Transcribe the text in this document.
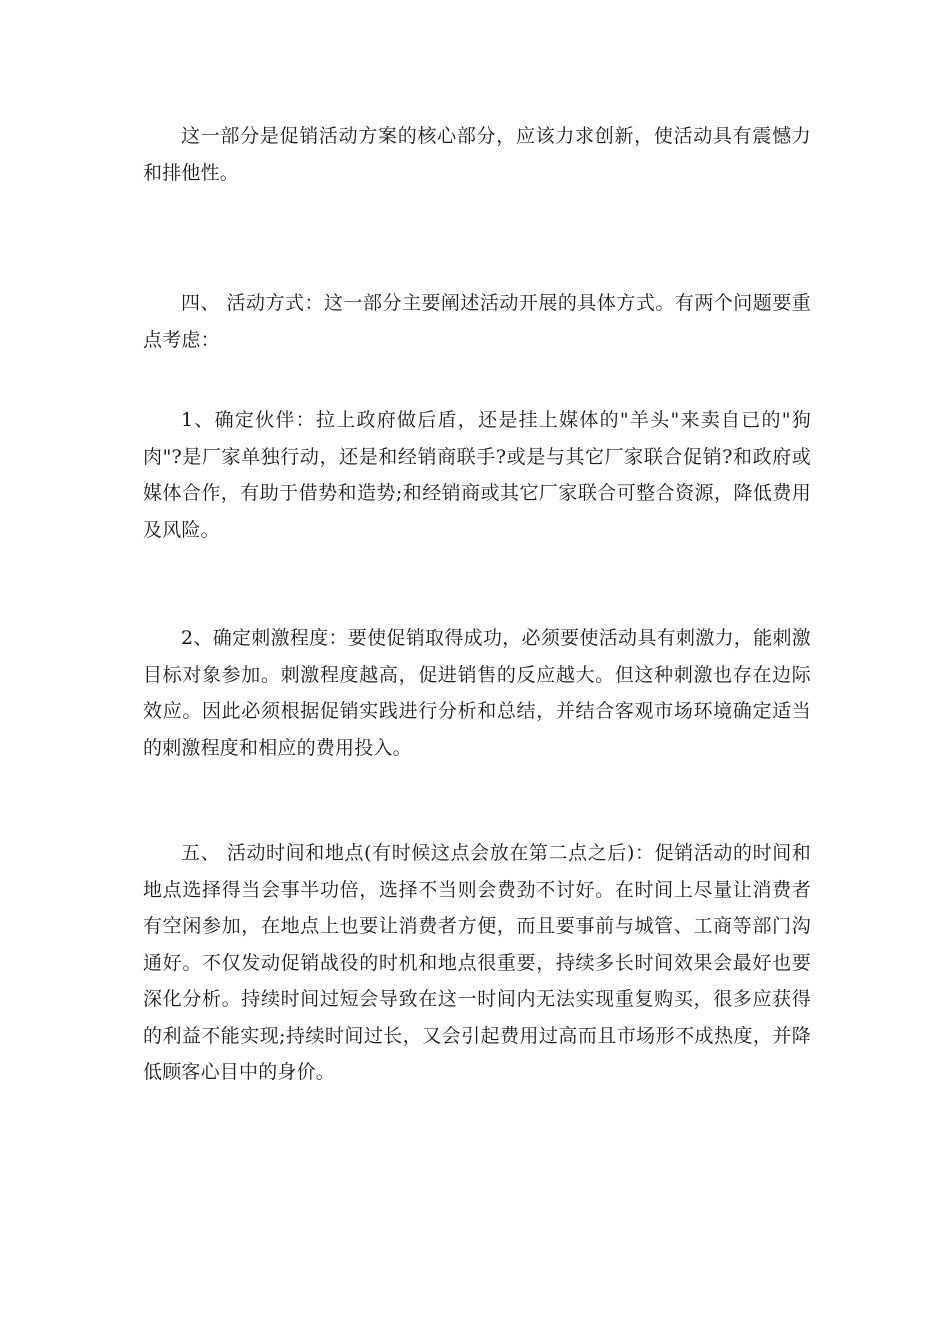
这一部分是促销活动方案的核心部分，应该力求创新，使活动具有震憾力和排他性。

四、 活动方式：这一部分主要阐述活动开展的具体方式。有两个问题要重点考虑：

1、确定伙伴：拉上政府做后盾，还是挂上媒体的"羊头"来卖自已的"狗肉"?是厂家单独行动，还是和经销商联手?或是与其它厂家联合促销?和政府或媒体合作，有助于借势和造势;和经销商或其它厂家联合可整合资源，降低费用及风险。

2、确定刺激程度：要使促销取得成功，必须要使活动具有刺激力，能刺激目标对象参加。刺激程度越高，促进销售的反应越大。但这种刺激也存在边际效应。因此必须根据促销实践进行分析和总结，并结合客观市场环境确定适当的刺激程度和相应的费用投入。

五、 活动时间和地点(有时候这点会放在第二点之后)：促销活动的时间和地点选择得当会事半功倍，选择不当则会费劲不讨好。在时间上尽量让消费者有空闲参加，在地点上也要让消费者方便，而且要事前与城管、工商等部门沟通好。不仅发动促销战役的时机和地点很重要，持续多长时间效果会最好也要深化分析。持续时间过短会导致在这一时间内无法实现重复购买，很多应获得的利益不能实现;持续时间过长，又会引起费用过高而且市场形不成热度，并降低顾客心目中的身价。
